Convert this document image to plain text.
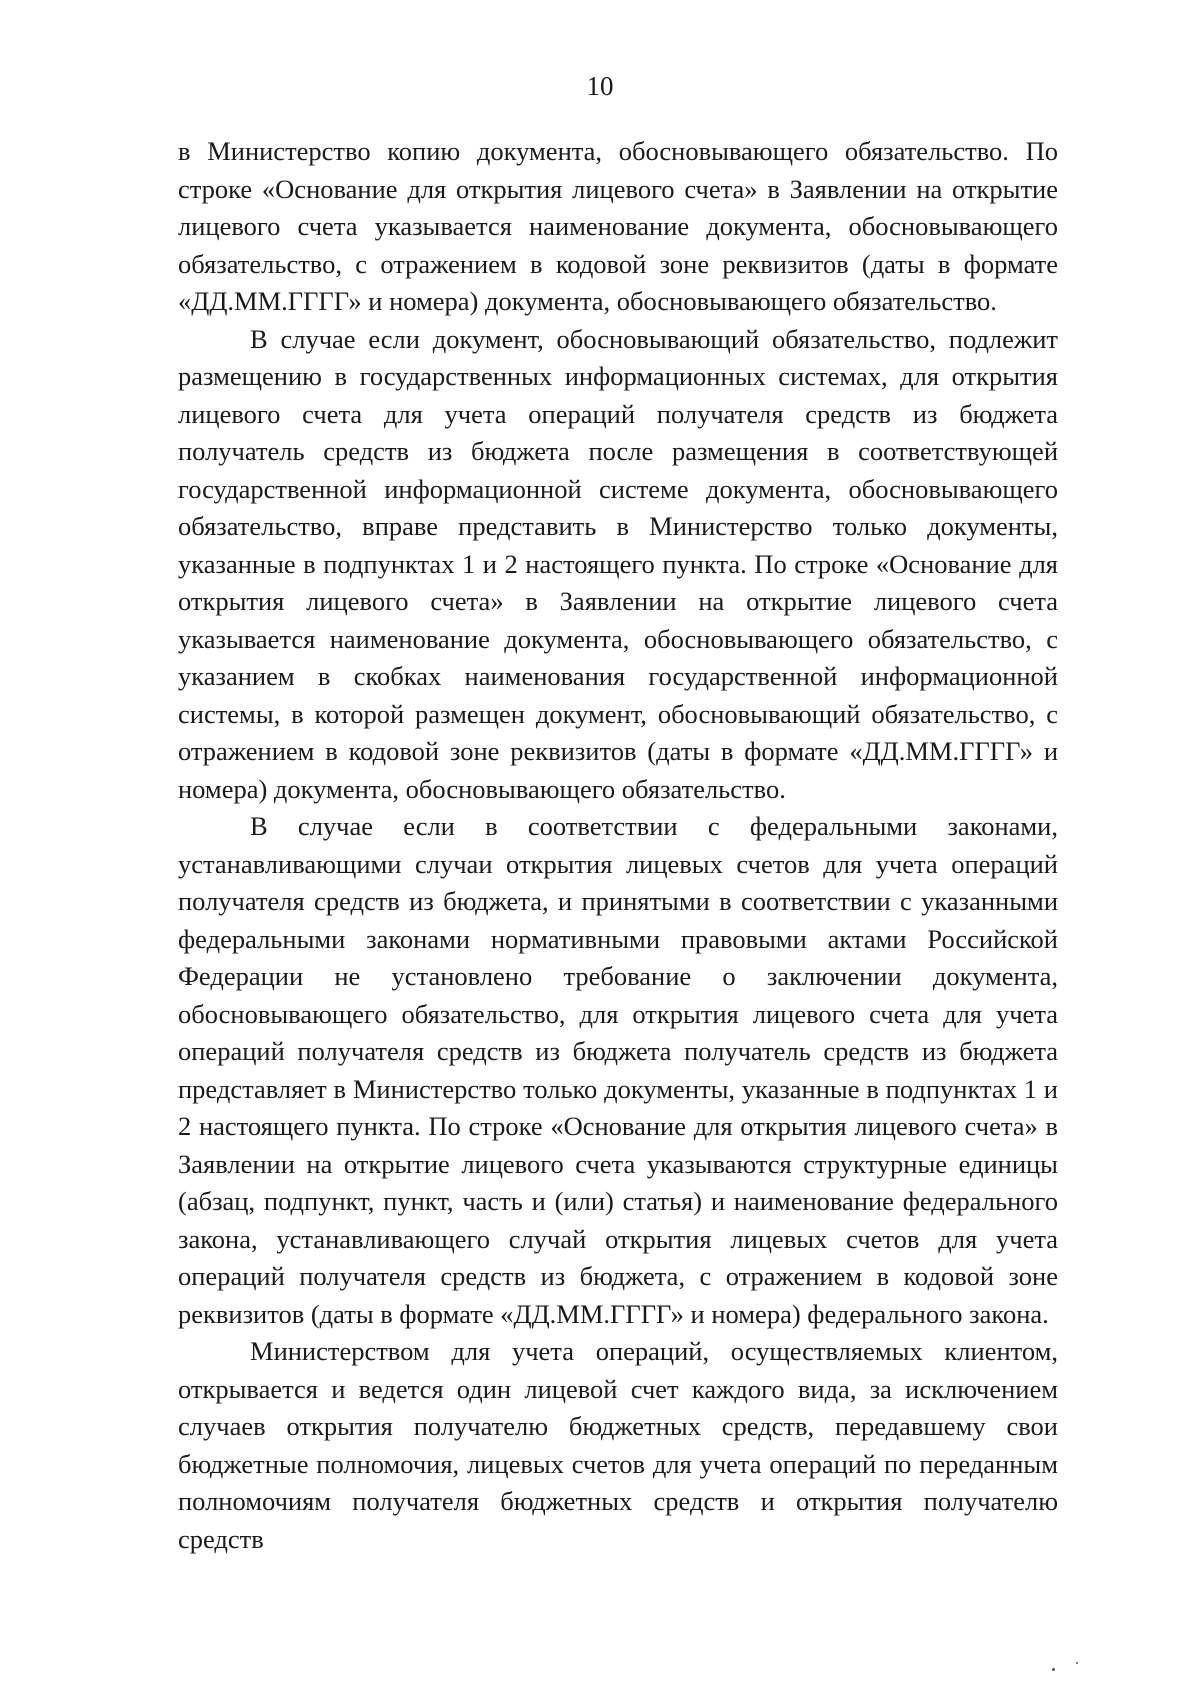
10

в Министерство копию документа, обосновывающего обязательство. По строке «Основание для открытия лицевого счета» в Заявлении на открытие лицевого счета указывается наименование документа, обосновывающего обязательство, с отражением в кодовой зоне реквизитов (даты в формате «ДД.ММ.ГГГГ» и номера) документа, обосновывающего обязательство.

В случае если документ, обосновывающий обязательство, подлежит размещению в государственных информационных системах, для открытия лицевого счета для учета операций получателя средств из бюджета получатель средств из бюджета после размещения в соответствующей государственной информационной системе документа, обосновывающего обязательство, вправе представить в Министерство только документы, указанные в подпунктах 1 и 2 настоящего пункта. По строке «Основание для открытия лицевого счета» в Заявлении на открытие лицевого счета указывается наименование документа, обосновывающего обязательство, с указанием в скобках наименования государственной информационной системы, в которой размещен документ, обосновывающий обязательство, с отражением в кодовой зоне реквизитов (даты в формате «ДД.ММ.ГГГГ» и номера) документа, обосновывающего обязательство.

В случае если в соответствии с федеральными законами, устанавливающими случаи открытия лицевых счетов для учета операций получателя средств из бюджета, и принятыми в соответствии с указанными федеральными законами нормативными правовыми актами Российской Федерации не установлено требование о заключении документа, обосновывающего обязательство, для открытия лицевого счета для учета операций получателя средств из бюджета получатель средств из бюджета представляет в Министерство только документы, указанные в подпунктах 1 и 2 настоящего пункта. По строке «Основание для открытия лицевого счета» в Заявлении на открытие лицевого счета указываются структурные единицы (абзац, подпункт, пункт, часть и (или) статья) и наименование федерального закона, устанавливающего случай открытия лицевых счетов для учета операций получателя средств из бюджета, с отражением в кодовой зоне реквизитов (даты в формате «ДД.ММ.ГГГГ» и номера) федерального закона.

Министерством для учета операций, осуществляемых клиентом, открывается и ведется один лицевой счет каждого вида, за исключением случаев открытия получателю бюджетных средств, передавшему свои бюджетные полномочия, лицевых счетов для учета операций по переданным полномочиям получателя бюджетных средств и открытия получателю средств
